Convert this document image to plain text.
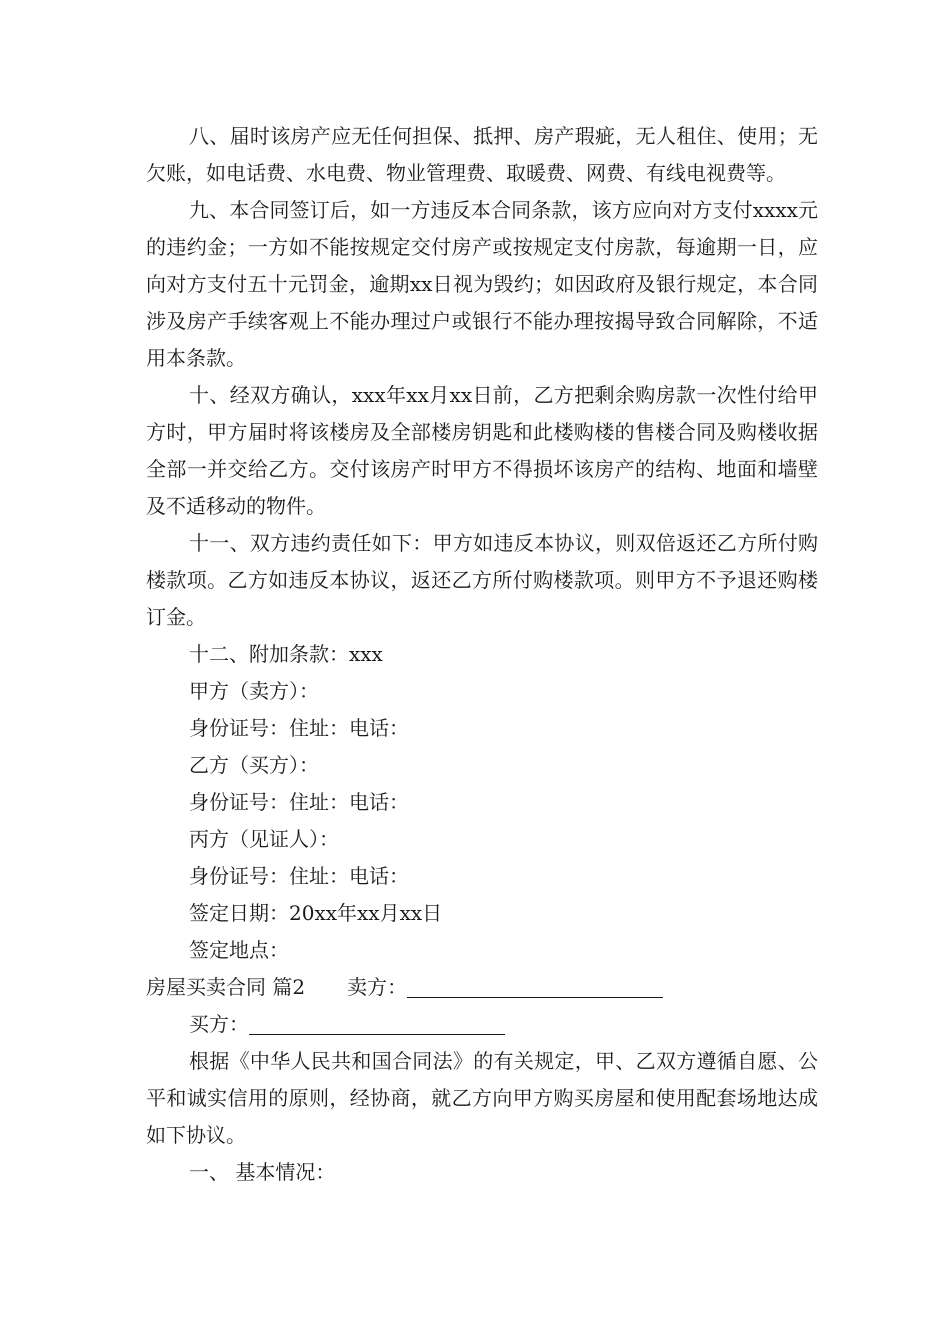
八、届时该房产应无任何担保、抵押、房产瑕疵，无人租住、使用；无欠账，如电话费、水电费、物业管理费、取暖费、网费、有线电视费等。

九、本合同签订后，如一方违反本合同条款，该方应向对方支付xxxx元的违约金；一方如不能按规定交付房产或按规定支付房款，每逾期一日，应向对方支付五十元罚金，逾期xx日视为毁约；如因政府及银行规定，本合同涉及房产手续客观上不能办理过户或银行不能办理按揭导致合同解除，不适用本条款。

十、经双方确认，xxx年xx月xx日前，乙方把剩余购房款一次性付给甲方时，甲方届时将该楼房及全部楼房钥匙和此楼购楼的售楼合同及购楼收据全部一并交给乙方。交付该房产时甲方不得损坏该房产的结构、地面和墙壁及不适移动的物件。

十一、双方违约责任如下：甲方如违反本协议，则双倍返还乙方所付购楼款项。乙方如违反本协议，返还乙方所付购楼款项。则甲方不予退还购楼订金。

十二、附加条款：xxx

甲方（卖方）：

身份证号：住址：电话：

乙方（买方）：

身份证号：住址：电话：

丙方（见证人）：

身份证号：住址：电话：

签定日期：20xx年xx月xx日

签定地点：

房屋买卖合同 篇2 卖方：

买方：

根据《中华人民共和国合同法》的有关规定，甲、乙双方遵循自愿、公平和诚实信用的原则，经协商，就乙方向甲方购买房屋和使用配套场地达成如下协议。

一、 基本情况：
